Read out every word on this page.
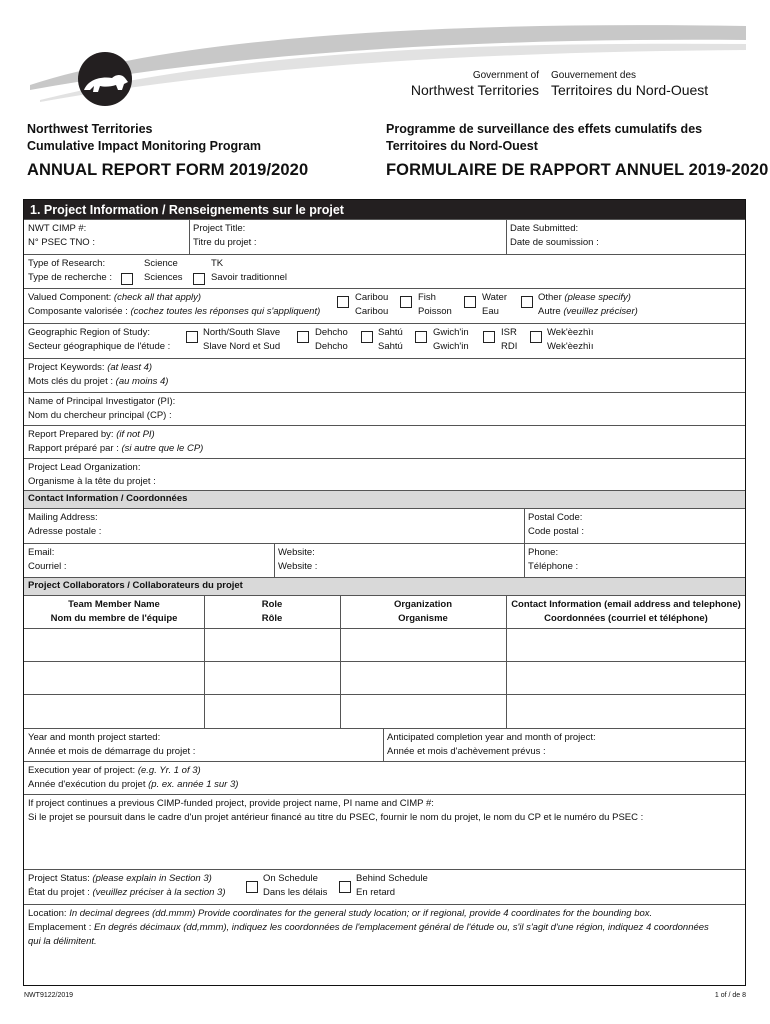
Government of
Northwest Territories
Gouvernement des
Territoires du Nord-Ouest
Northwest Territories
Cumulative Impact Monitoring Program
ANNUAL REPORT FORM 2019/2020
Programme de surveillance des effets cumulatifs des
Territoires du Nord-Ouest
FORMULAIRE DE RAPPORT ANNUEL 2019-2020
1. Project Information / Renseignements sur le projet
NWT CIMP #:
N° PSEC TNO :
Project Title:
Titre du projet :
Date Submitted:
Date de soumission :
Type of Research:
Type de recherche :
Science
Sciences
TK
Savoir traditionnel
Valued Component: (check all that apply)
Composante valorisée : (cochez toutes les réponses qui s'appliquent)
Caribou
Caribou
Fish
Poisson
Water
Eau
Other (please specify)
Autre (veuillez préciser)
Geographic Region of Study:
Secteur géographique de l'étude :
North/South Slave
Slave Nord et Sud
Dehcho
Dehcho
Sahtú
Sahtú
Gwich'in
Gwich'in
ISR
RDI
Wek'èezhìı
Wek'èezhìı
Project Keywords: (at least 4)
Mots clés du projet : (au moins 4)
Name of Principal Investigator (PI):
Nom du chercheur principal (CP) :
Report Prepared by: (if not PI)
Rapport préparé par : (si autre que le CP)
Project Lead Organization:
Organisme à la tête du projet :
Contact Information / Coordonnées
Mailing Address:
Adresse postale :
Postal Code:
Code postal :
Email:
Courriel :
Website:
Website :
Phone:
Téléphone :
Project Collaborators / Collaborateurs du projet
Team Member Name
Nom du membre de l'équipe
Role
Rôle
Organization
Organisme
Contact Information (email address and telephone)
Coordonnées (courriel et téléphone)
Year and month project started:
Année et mois de démarrage du projet :
Anticipated completion year and month of project:
Année et mois d'achèvement prévus :
Execution year of project: (e.g. Yr. 1 of 3)
Année d'exécution du projet (p. ex. année 1 sur 3)
If project continues a previous CIMP-funded project, provide project name, PI name and CIMP #:
Si le projet se poursuit dans le cadre d'un projet antérieur financé au titre du PSEC, fournir le nom du projet, le nom du CP et le numéro du PSEC :
Project Status: (please explain in Section 3)
État du projet : (veuillez préciser à la section 3)
On Schedule
Dans les délais
Behind Schedule
En retard
Location: In decimal degrees (dd.mmm) Provide coordinates for the general study location; or if regional, provide 4 coordinates for the bounding box.
Emplacement : En degrés décimaux (dd,mmm), indiquez les coordonnées de l'emplacement général de l'étude ou, s'il s'agit d'une région, indiquez 4 coordonnées
qui la délimitent.
NWT9122/2019	1 of / de 8
